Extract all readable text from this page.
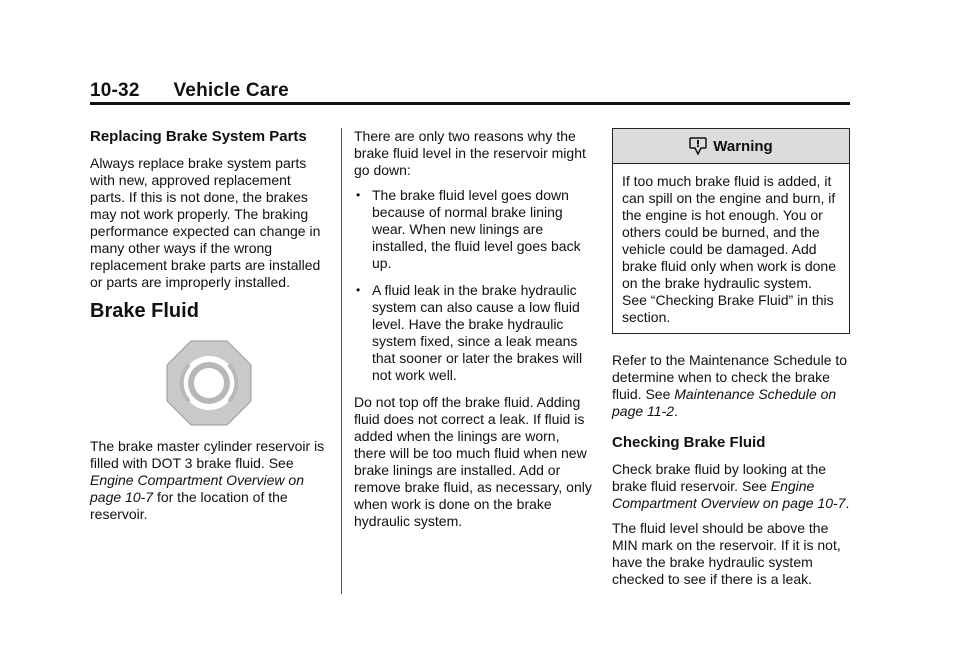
10-32 Vehicle Care
Replacing Brake System Parts

Always replace brake system parts with new, approved replacement parts. If this is not done, the brakes may not work properly. The braking performance expected can change in many other ways if the wrong replacement brake parts are installed or parts are improperly installed.

Brake Fluid

The brake master cylinder reservoir is filled with DOT 3 brake fluid. See Engine Compartment Overview on page 10-7 for the location of the reservoir.

There are only two reasons why the brake fluid level in the reservoir might go down:

• The brake fluid level goes down because of normal brake lining wear. When new linings are installed, the fluid level goes back up.
• A fluid leak in the brake hydraulic system can also cause a low fluid level. Have the brake hydraulic system fixed, since a leak means that sooner or later the brakes will not work well.

Do not top off the brake fluid. Adding fluid does not correct a leak. If fluid is added when the linings are worn, there will be too much fluid when new brake linings are installed. Add or remove brake fluid, as necessary, only when work is done on the brake hydraulic system.

Warning
If too much brake fluid is added, it can spill on the engine and burn, if the engine is hot enough. You or others could be burned, and the vehicle could be damaged. Add brake fluid only when work is done on the brake hydraulic system. See “Checking Brake Fluid” in this section.

Refer to the Maintenance Schedule to determine when to check the brake fluid. See Maintenance Schedule on page 11-2.

Checking Brake Fluid

Check brake fluid by looking at the brake fluid reservoir. See Engine Compartment Overview on page 10-7.

The fluid level should be above the MIN mark on the reservoir. If it is not, have the brake hydraulic system checked to see if there is a leak.
